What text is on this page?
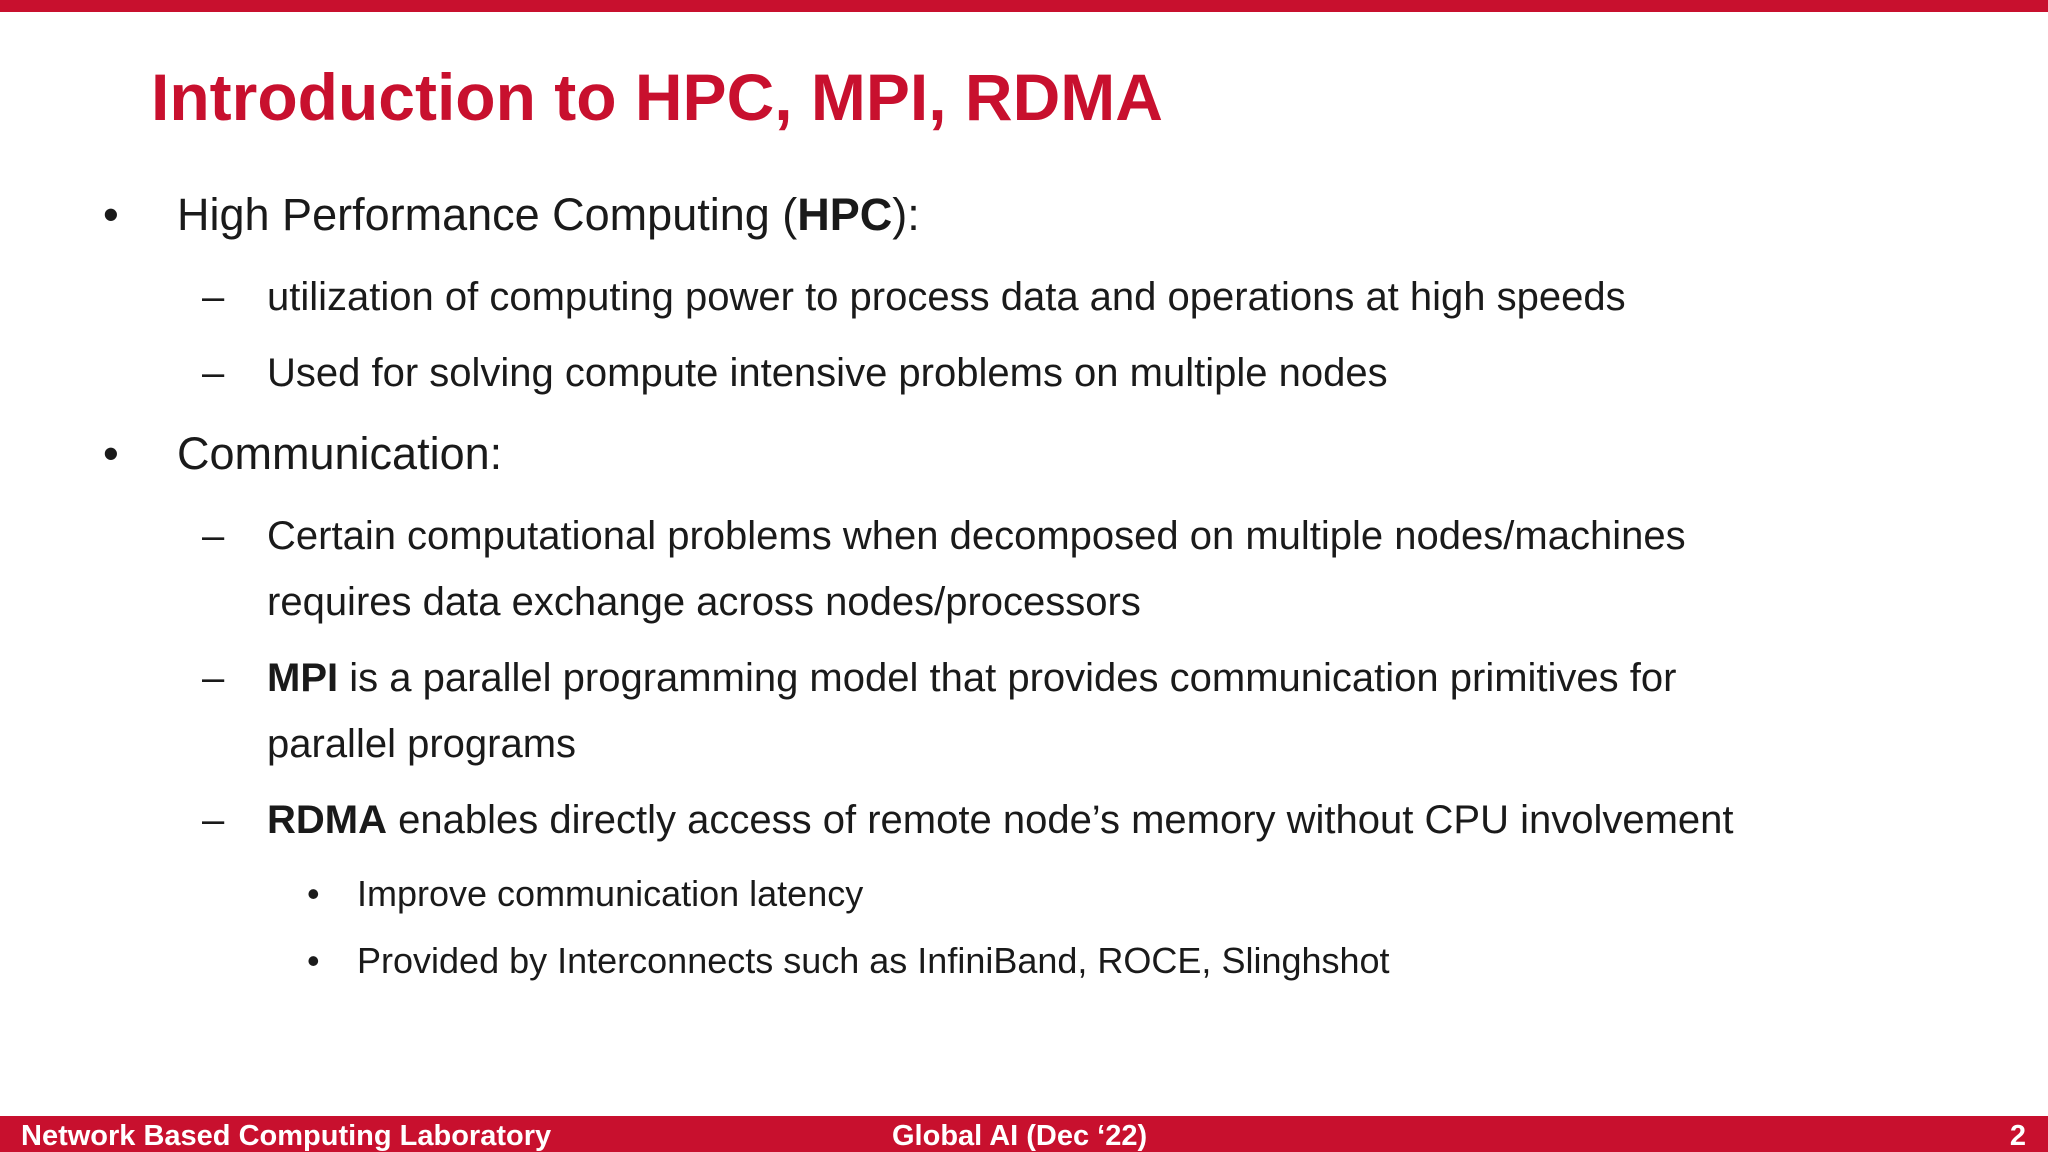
Introduction to HPC, MPI, RDMA
• High Performance Computing (HPC):
– utilization of computing power to process data and operations at high speeds
– Used for solving compute intensive problems on multiple nodes
• Communication:
– Certain computational problems when decomposed on multiple nodes/machines
requires data exchange across nodes/processors
– MPI is a parallel programming model that provides communication primitives for
parallel programs
– RDMA enables directly access of remote node’s memory without CPU involvement
• Improve communication latency
• Provided by Interconnects such as InfiniBand, ROCE, Slinghshot
Network Based Computing Laboratory	Global AI (Dec ‘22)	2
